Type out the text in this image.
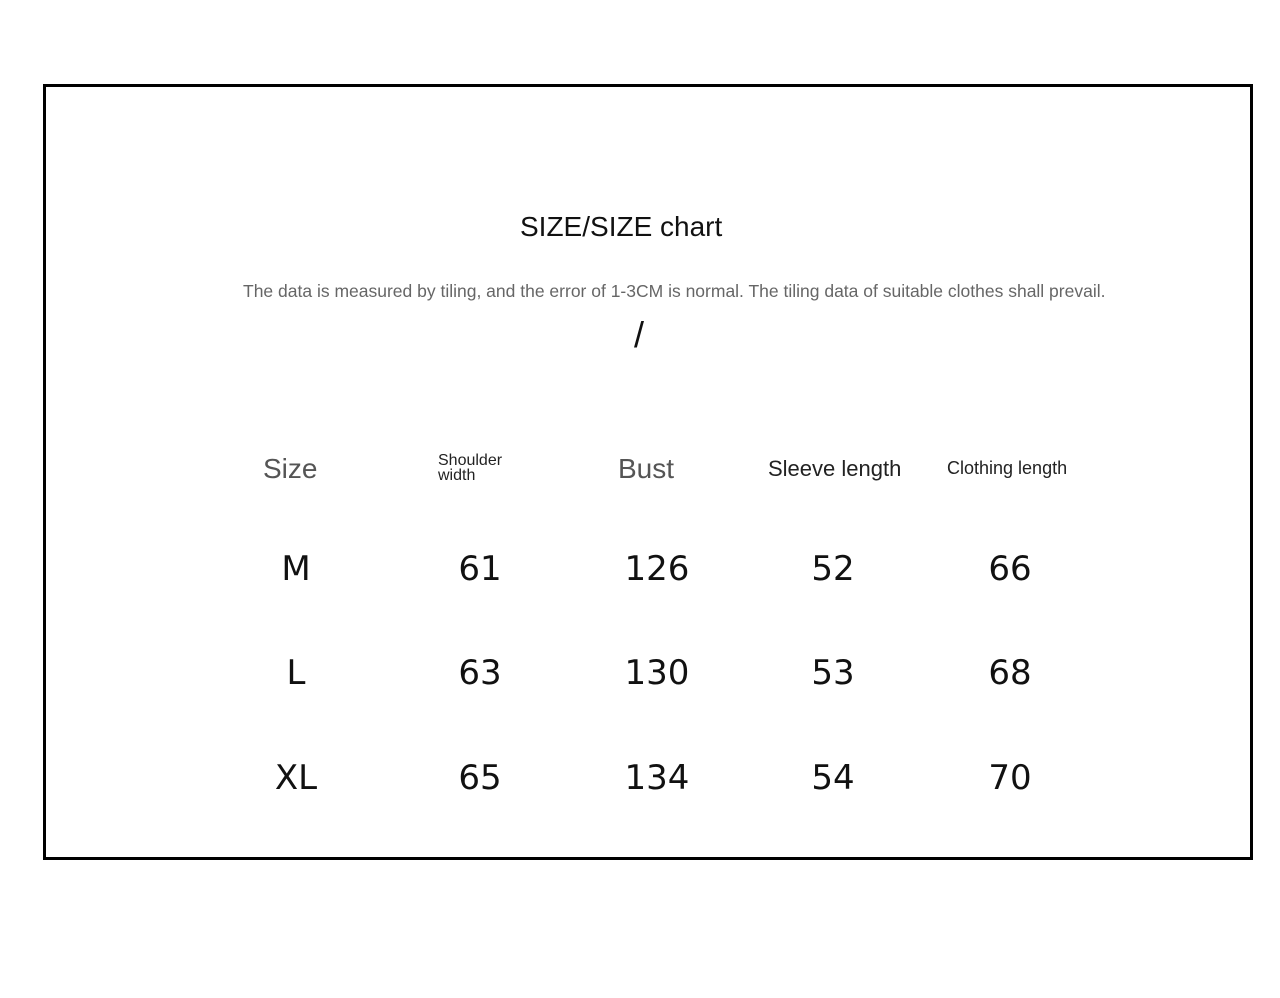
SIZE/SIZE chart
The data is measured by tiling, and the error of 1-3CM is normal. The tiling data of suitable clothes shall prevail.
/
Size	Shoulder width	Bust	Sleeve length	Clothing length
M	61	126	52	66
L	63	130	53	68
XL	65	134	54	70
